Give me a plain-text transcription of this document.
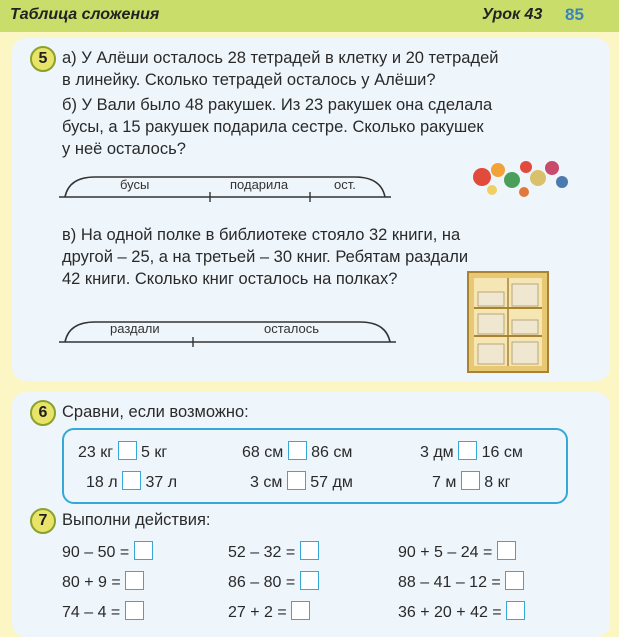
Таблица сложения	Урок 43 85
5 а) У Алёши осталось 28 тетрадей в клетку и 20 тетрадей
в линейку. Сколько тетрадей осталось у Алёши?
б) У Вали было 48 ракушек. Из 23 ракушек она сделала
бусы, а 15 ракушек подарила сестре. Сколько ракушек
у неё осталось?
бусы	подарила	ост.
в) На одной полке в библиотеке стояло 32 книги, на
другой – 25, а на третьей – 30 книг. Ребятам раздали
42 книги. Сколько книг осталось на полках?
раздали	осталось
6 Сравни, если возможно:
23 кг 5 кг	68 см 86 см	3 дм 16 см
18 л 37 л	3 см 57 дм	7 м 8 кг
7 Выполни действия:
90 – 50 =	52 – 32 =	90 + 5 – 24 =
80 + 9 =	86 – 80 =	88 – 41 – 12 =
74 – 4 =	27 + 2 =	36 + 20 + 42 =
